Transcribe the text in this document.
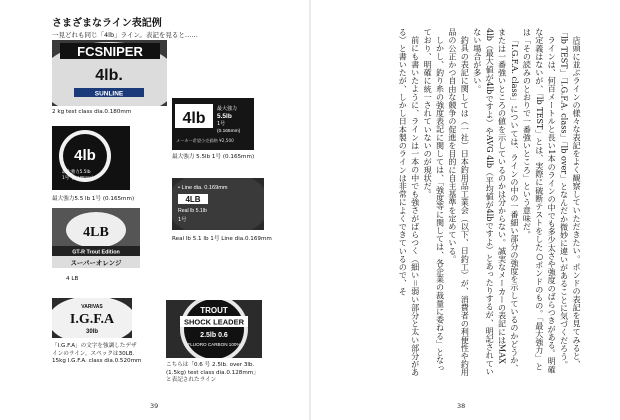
さまざまなライン表記例
一見どれも同じ「4lb」ライン。表記を見ると……
FCSNIPER
4lb.
SUNLINE
2 kg test class dia.0.180mm	4lb
最大強力
5.5lb
1号
(0.165mm)
メーカー希望小売価格 ¥2,500
最大強力 5.5lb 1号 (0.165mm)
4lb
最大強力5.5lb
1号 (0.165mm)
最大強力5.5 lb 1号 (0.165mm)
• Line dia. 0.169mm
4LB
Real lb 5.1lb
1号
Real lb 5.1 lb 1号 Line dia.0.169mm
4LB
GT-R Trout Edition
スーパーオレンジ
4 LB
VARIVAS
I.G.F.A
30lb
「I.G.F.A」の文字を強調したデザ
インのライン。スペックは30LB.
15kg I.G.F.A. class dia.0.520mm
TROUT
SHOCK LEADER
2.5lb 0.6
FLUORO CARBON 100%
こちらは「0.6 号 2.5lb. over 3lb.
(1.5kg) test class dia.0.128mm」
と表記されたライン
39

店頭に並ぶラインの様々な表記をよく観察していただきたい。ポンドの表記を見てみると、「lb TEST」「I.G.F.A. class」「lb over」となんだか微妙に違いがあることに気づくだろう。

ラインは、何百メートルと長い1本のラインの中でも多少太さや強度のばらつきがある。明確な定義はないが、「lb TEST」とは、実際に破断テストをした○ポンドのもの。「最大強力」とは「その読みのとおりで一番強いところ」という意味だ。

「I.G.F.A. class」については、ラインの中の一番細い部分の強度を示しているのかどうか、または一番強いところの値を示しているのかは分からない。誠実なメーカーの表記にはMAX 4lb（最大値が4lbですよ）やAVG 4lb（平均値が4lbですよ）とあったりするが、明記されていない場合が多い。

釣具の表記に関しては（一社）日本釣用品工業会（以下、日釣工）が、消費者の利便性や釣用品の公正かつ自由な競争の促進を目的に自主基準を定めている。

しかし、釣り糸の強度表記に関しては、「強度等に関しては、各企業の裁量に委ねる」となっており、明確に統一されていないのが現状だ。

前にも書いたように、ラインは一本の中でも強さがばらつく（細い＝弱い部分と太い部分がある）と書いたが、しかし日本製のラインは非常によくできているので、そ

38
